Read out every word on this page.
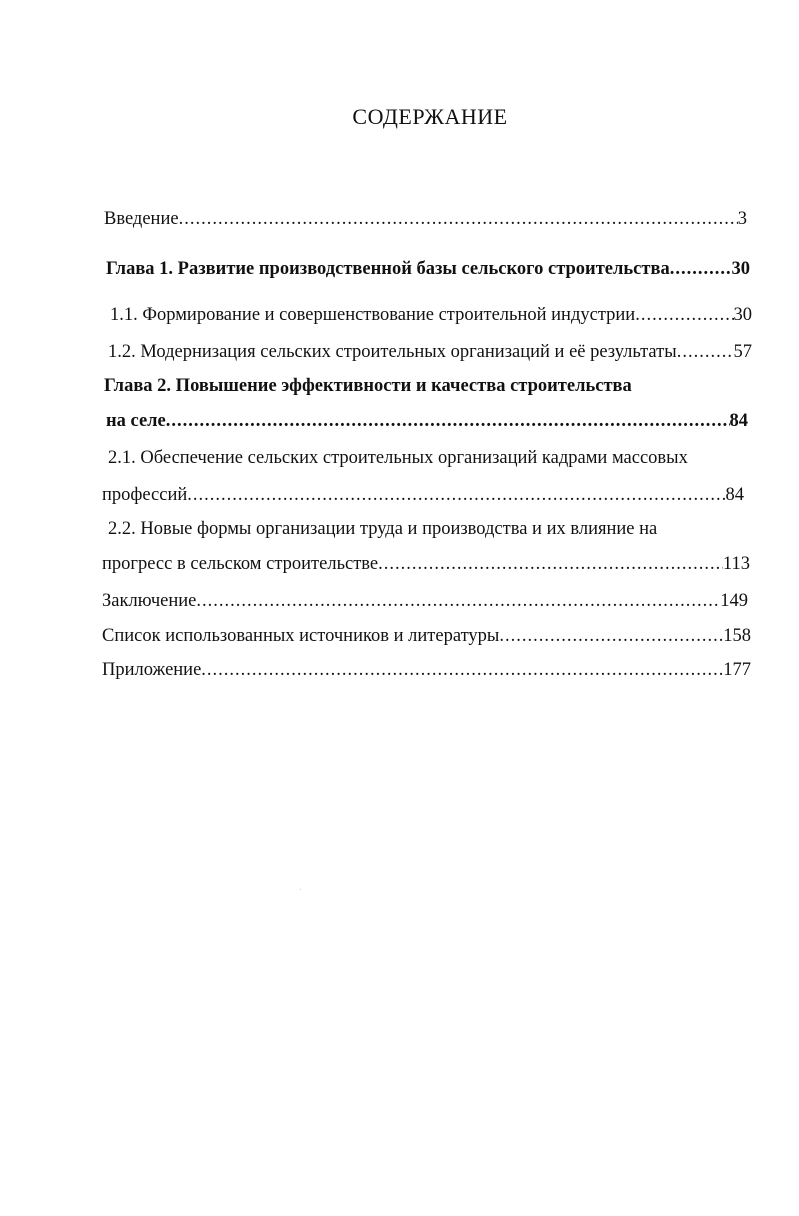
СОДЕРЖАНИЕ
Введение .....	3
Глава 1. Развитие производственной базы сельского строительства .....	30
1.1. Формирование и совершенствование строительной индустрии .....	30
1.2. Модернизация сельских строительных организаций и её результаты .....	57
Глава 2. Повышение эффективности и качества строительства
на селе .....	84
2.1. Обеспечение сельских строительных организаций кадрами массовых
профессий .....	84
2.2. Новые формы организации труда и производства и их влияние на
прогресс в сельском строительстве .....	113
Заключение .....	149
Список использованных источников и литературы .....	158
Приложение .....	177
